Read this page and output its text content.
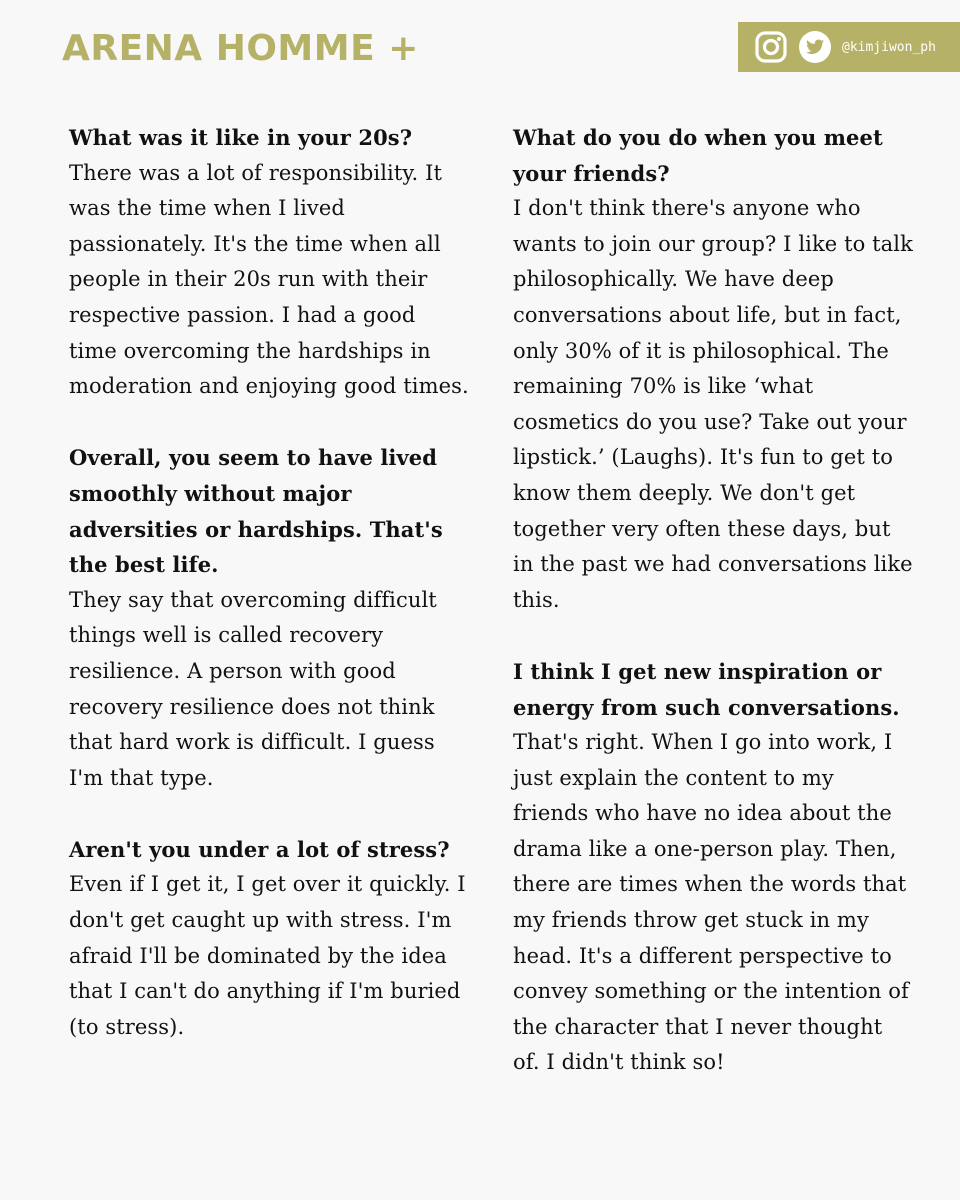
ARENA HOMME +	@kimjiwon_ph

What was it like in your 20s?

There was a lot of responsibility. It was the time when I lived passionately. It's the time when all people in their 20s run with their respective passion. I had a good time overcoming the hardships in moderation and enjoying good times.

Overall, you seem to have lived smoothly without major adversities or hardships. That's the best life.

They say that overcoming difficult things well is called recovery resilience. A person with good recovery resilience does not think that hard work is difficult. I guess I'm that type.

Aren't you under a lot of stress?

Even if I get it, I get over it quickly. I don't get caught up with stress. I'm afraid I'll be dominated by the idea that I can't do anything if I'm buried (to stress).

What do you do when you meet your friends?

I don't think there's anyone who wants to join our group? I like to talk philosophically. We have deep conversations about life, but in fact, only 30% of it is philosophical. The remaining 70% is like ‘what cosmetics do you use? Take out your lipstick.’ (Laughs). It's fun to get to know them deeply. We don't get together very often these days, but in the past we had conversations like this.

I think I get new inspiration or energy from such conversations.

That's right. When I go into work, I just explain the content to my friends who have no idea about the drama like a one-person play. Then, there are times when the words that my friends throw get stuck in my head. It's a different perspective to convey something or the intention of the character that I never thought of. I didn't think so!
